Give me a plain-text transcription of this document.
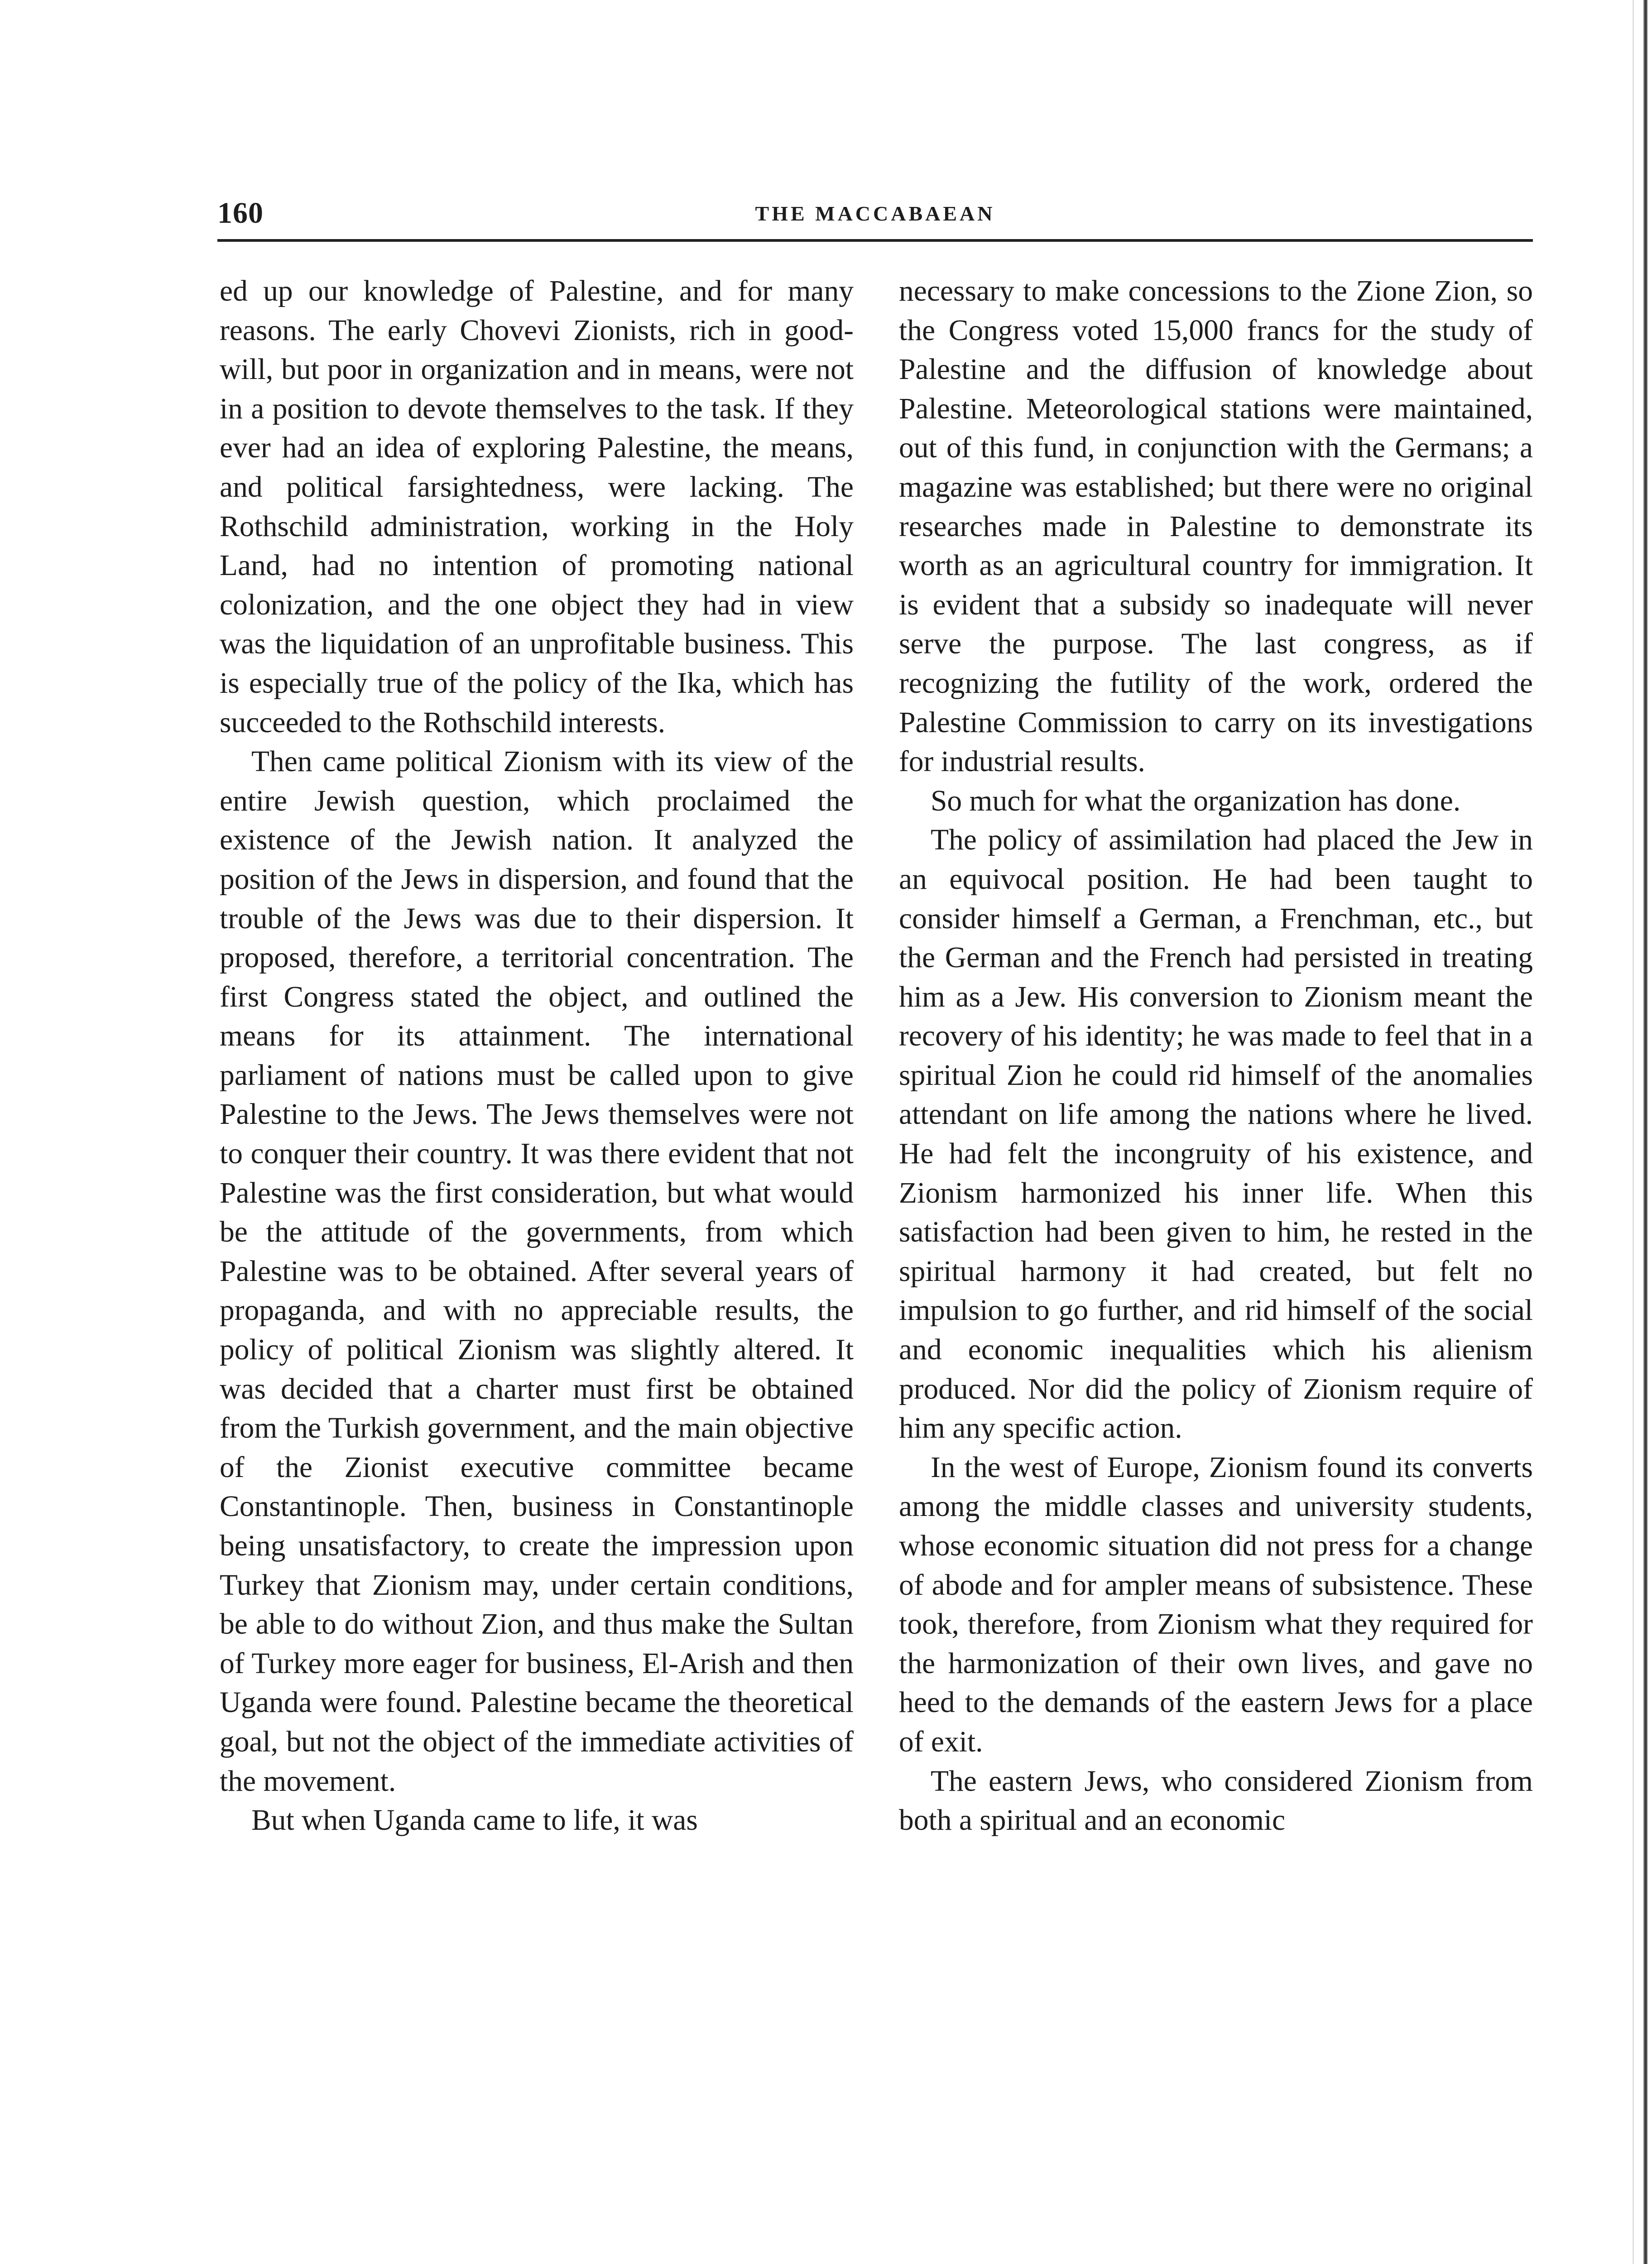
160	THE MACCABAEAN

ed up our knowledge of Palestine, and for many reasons. The early Chovevi Zionists, rich in good-will, but poor in organization and in means, were not in a position to devote themselves to the task. If they ever had an idea of exploring Palestine, the means, and political farsightedness, were lacking. The Rothschild administration, working in the Holy Land, had no intention of promoting national colonization, and the one object they had in view was the liquidation of an unprofitable business. This is especially true of the policy of the Ika, which has succeeded to the Rothschild interests.

Then came political Zionism with its view of the entire Jewish question, which proclaimed the existence of the Jewish nation. It analyzed the position of the Jews in dispersion, and found that the trouble of the Jews was due to their dispersion. It proposed, therefore, a territorial concentration. The first Congress stated the object, and outlined the means for its attainment. The international parliament of nations must be called upon to give Palestine to the Jews. The Jews themselves were not to conquer their country. It was there evident that not Palestine was the first consideration, but what would be the attitude of the governments, from which Palestine was to be obtained. After several years of propaganda, and with no appreciable results, the policy of political Zionism was slightly altered. It was decided that a charter must first be obtained from the Turkish government, and the main objective of the Zionist executive committee became Constantinople. Then, business in Constantinople being unsatisfactory, to create the impression upon Turkey that Zionism may, under certain conditions, be able to do without Zion, and thus make the Sultan of Turkey more eager for business, El-Arish and then Uganda were found. Palestine became the theoretical goal, but not the object of the immediate activities of the movement.

But when Uganda came to life, it was

necessary to make concessions to the Zione Zion, so the Congress voted 15,000 francs for the study of Palestine and the diffusion of knowledge about Palestine. Meteorological stations were maintained, out of this fund, in conjunction with the Germans; a magazine was established; but there were no original researches made in Palestine to demonstrate its worth as an agricultural country for immigration. It is evident that a subsidy so inadequate will never serve the purpose. The last congress, as if recognizing the futility of the work, ordered the Palestine Commission to carry on its investigations for industrial results.

So much for what the organization has done.

The policy of assimilation had placed the Jew in an equivocal position. He had been taught to consider himself a German, a Frenchman, etc., but the German and the French had persisted in treating him as a Jew. His conversion to Zionism meant the recovery of his identity; he was made to feel that in a spiritual Zion he could rid himself of the anomalies attendant on life among the nations where he lived. He had felt the incongruity of his existence, and Zionism harmonized his inner life. When this satisfaction had been given to him, he rested in the spiritual harmony it had created, but felt no impulsion to go further, and rid himself of the social and economic inequalities which his alienism produced. Nor did the policy of Zionism require of him any specific action.

In the west of Europe, Zionism found its converts among the middle classes and university students, whose economic situation did not press for a change of abode and for ampler means of subsistence. These took, therefore, from Zionism what they required for the harmonization of their own lives, and gave no heed to the demands of the eastern Jews for a place of exit.

The eastern Jews, who considered Zionism from both a spiritual and an economic
